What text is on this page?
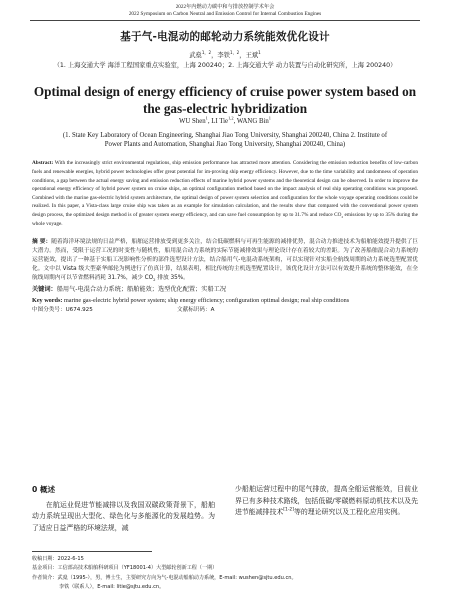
2022年内燃动力碳中和与排放控制学术年会
2022 Symposium on Carbon Neutral and Emission Control for Internal Combustion Engines
基于气-电混动的邮轮动力系统能效优化设计
武燊$^{1,2}$，李铁$^{1,2}$，王斌$^1$
（1. 上海交通大学 海洋工程国家重点实验室，上海 200240；2. 上海交通大学 动力装置与自动化研究所，上海 200240）
Optimal design of energy efficiency of cruise power system based on the gas-electric hybridization
WU Shen$^1$, LI Tie$^{1,2}$, WANG Bin$^1$
(1. State Key Laboratory of Ocean Engineering, Shanghai Jiao Tong University, Shanghai 200240, China 2. Institute of Power Plants and Automation, Shanghai Jiao Tong University, Shanghai 200240, China)
Abstract: With the increasingly strict environmental regulations, ship emission performance has attracted more attention. Considering the emission reduction benefits of low-carbon fuels and renewable energies, hybrid power technologies offer great potential for im-proving ship energy efficiency. However, due to the time variability and randomness of operation conditions, a gap between the actual energy saving and emission reduction effects of marine hybrid power systems and the theoretical design can be observed. In order to improve the operational energy efficiency of hybrid power system on cruise ships, an optimal configuration method based on the impact analysis of real ship operating conditions was proposed. Combined with the marine gas-electric hybrid system architecture, the optimal design of power system selection and configuration for the whole voyage operating conditions could be realized. In this paper, a Vista-class large cruise ship was taken as an example for simulation calculation, and the results show that compared with the conventional power system design process, the optimized design method is of greater system energy efficiency, and can save fuel consumption by up to 31.7% and reduce $CO_2$ emissions by up to 35% during the whole voyage.
摘 要：随着海洋环境法规的日益严格，船舶运营排放受到更多关注，结合低碳燃料与可再生能源的减排优势，混合动力推进技术为船舶能效提升提供了巨大潜力。然而，受限于运营工况的时变性与随机性，船用混合动力系统的实际节能减排效果与理论设计存在着较大的差距。为了改善船舶混合动力系统的运营能效，提出了一种基于实船工况影响性分析的部件选型设计方法，结合船用气-电混动系统架构，可以实现针对实船全航线周期的动力系统选型配置优化。文中以 Vista 级大型豪华邮轮为例进行了仿真计算，结果表明，相比传统的主机选型配置设计，该优化设计方法可以有效提升系统的整体能效，在全航线周期内可以节省燃料消耗 31.7%，减少 $CO_2$ 排放 35%。
关键词：船用气-电混合动力系统；船舶能效；选型优化配置；实船工况
Key words: marine gas-electric hybrid power system; ship energy efficiency; configuration optimal design; real ship conditions
中图分类号：U674.925	文献标识码：A
0 概述
在航运业促进节能减排以及我国双碳政策背景下，船舶动力系统呈现出大型化、绿色化与多能源化的发展趋势。为了适应日益严格的环境法规，减
少船舶运营过程中的尾气排放，提高全船运营能效，目前业界已有多种技术路线，包括低碳/零碳燃料原动机技术以及先进节能减排技术[1-2]等的理论研究以及工程化应用实例。
收稿日期：2022-6-15
基金项目：工信部高技术船舶科研项目（YF18001-4）大型邮轮创新工程（一期）
作者简介：武燊（1995-），男，博士生，主要研究方向为气-电混动船舶动力系统，E-mail: wushen@sjtu.edu.cn。
李铁（联系人），E-mail: litie@sjtu.edu.cn。
